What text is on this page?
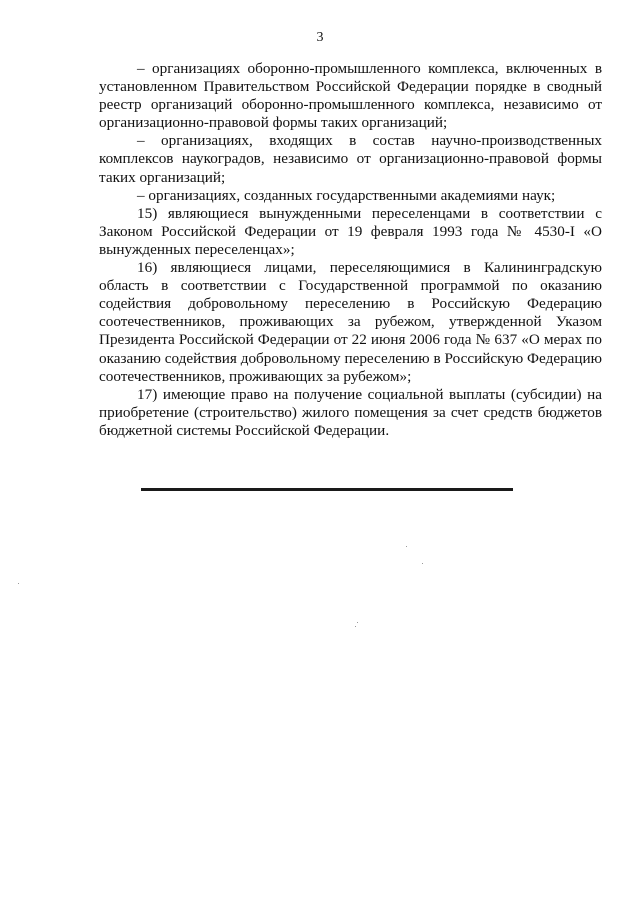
3

– организациях оборонно-промышленного комплекса, включенных в установленном Правительством Российской Федерации порядке в сводный реестр организаций оборонно-промышленного комплекса, независимо от организационно-правовой формы таких организаций;

– организациях, входящих в состав научно-производственных комплексов наукоградов, независимо от организационно-правовой формы таких организаций;

– организациях, созданных государственными академиями наук;

15) являющиеся вынужденными переселенцами в соответствии с Законом Российской Федерации от 19 февраля 1993 года № 4530-I «О вынужденных переселенцах»;

16) являющиеся лицами, переселяющимися в Калининградскую область в соответствии с Государственной программой по оказанию содействия добровольному переселению в Российскую Федерацию соотечественников, проживающих за рубежом, утвержденной Указом Президента Российской Федерации от 22 июня 2006 года № 637 «О мерах по оказанию содействия добровольному переселению в Российскую Федерацию соотечественников, проживающих за рубежом»;

17) имеющие право на получение социальной выплаты (субсидии) на приобретение (строительство) жилого помещения за счет средств бюджетов бюджетной системы Российской Федерации.
